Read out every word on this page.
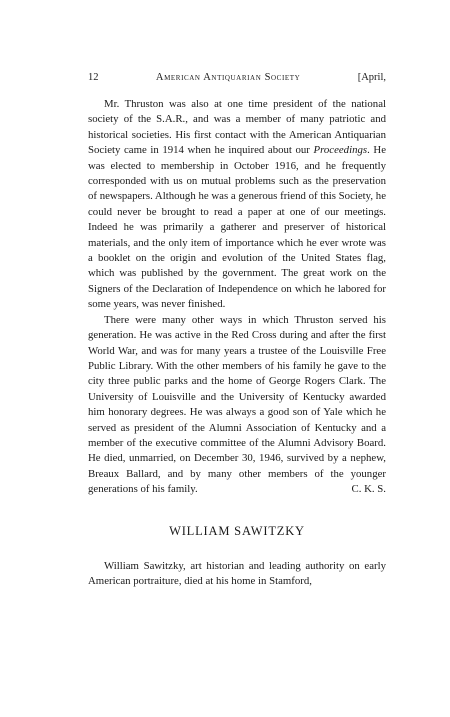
12	American Antiquarian Society	[April,

Mr. Thruston was also at one time president of the national society of the S.A.R., and was a member of many patriotic and historical societies. His first contact with the American Antiquarian Society came in 1914 when he inquired about our Proceedings. He was elected to membership in October 1916, and he frequently corresponded with us on mutual problems such as the preservation of newspapers. Although he was a generous friend of this Society, he could never be brought to read a paper at one of our meetings. Indeed he was primarily a gatherer and preserver of historical materials, and the only item of importance which he ever wrote was a booklet on the origin and evolution of the United States flag, which was published by the government. The great work on the Signers of the Declaration of Independence on which he labored for some years, was never finished.

There were many other ways in which Thruston served his generation. He was active in the Red Cross during and after the first World War, and was for many years a trustee of the Louisville Free Public Library. With the other members of his family he gave to the city three public parks and the home of George Rogers Clark. The University of Louisville and the University of Kentucky awarded him honorary degrees. He was always a good son of Yale which he served as president of the Alumni Association of Kentucky and a member of the executive committee of the Alumni Advisory Board. He died, unmarried, on December 30, 1946, survived by a nephew, Breaux Ballard, and by many other members of the younger generations of his family.	C. K. S.

WILLIAM SAWITZKY

William Sawitzky, art historian and leading authority on early American portraiture, died at his home in Stamford,
